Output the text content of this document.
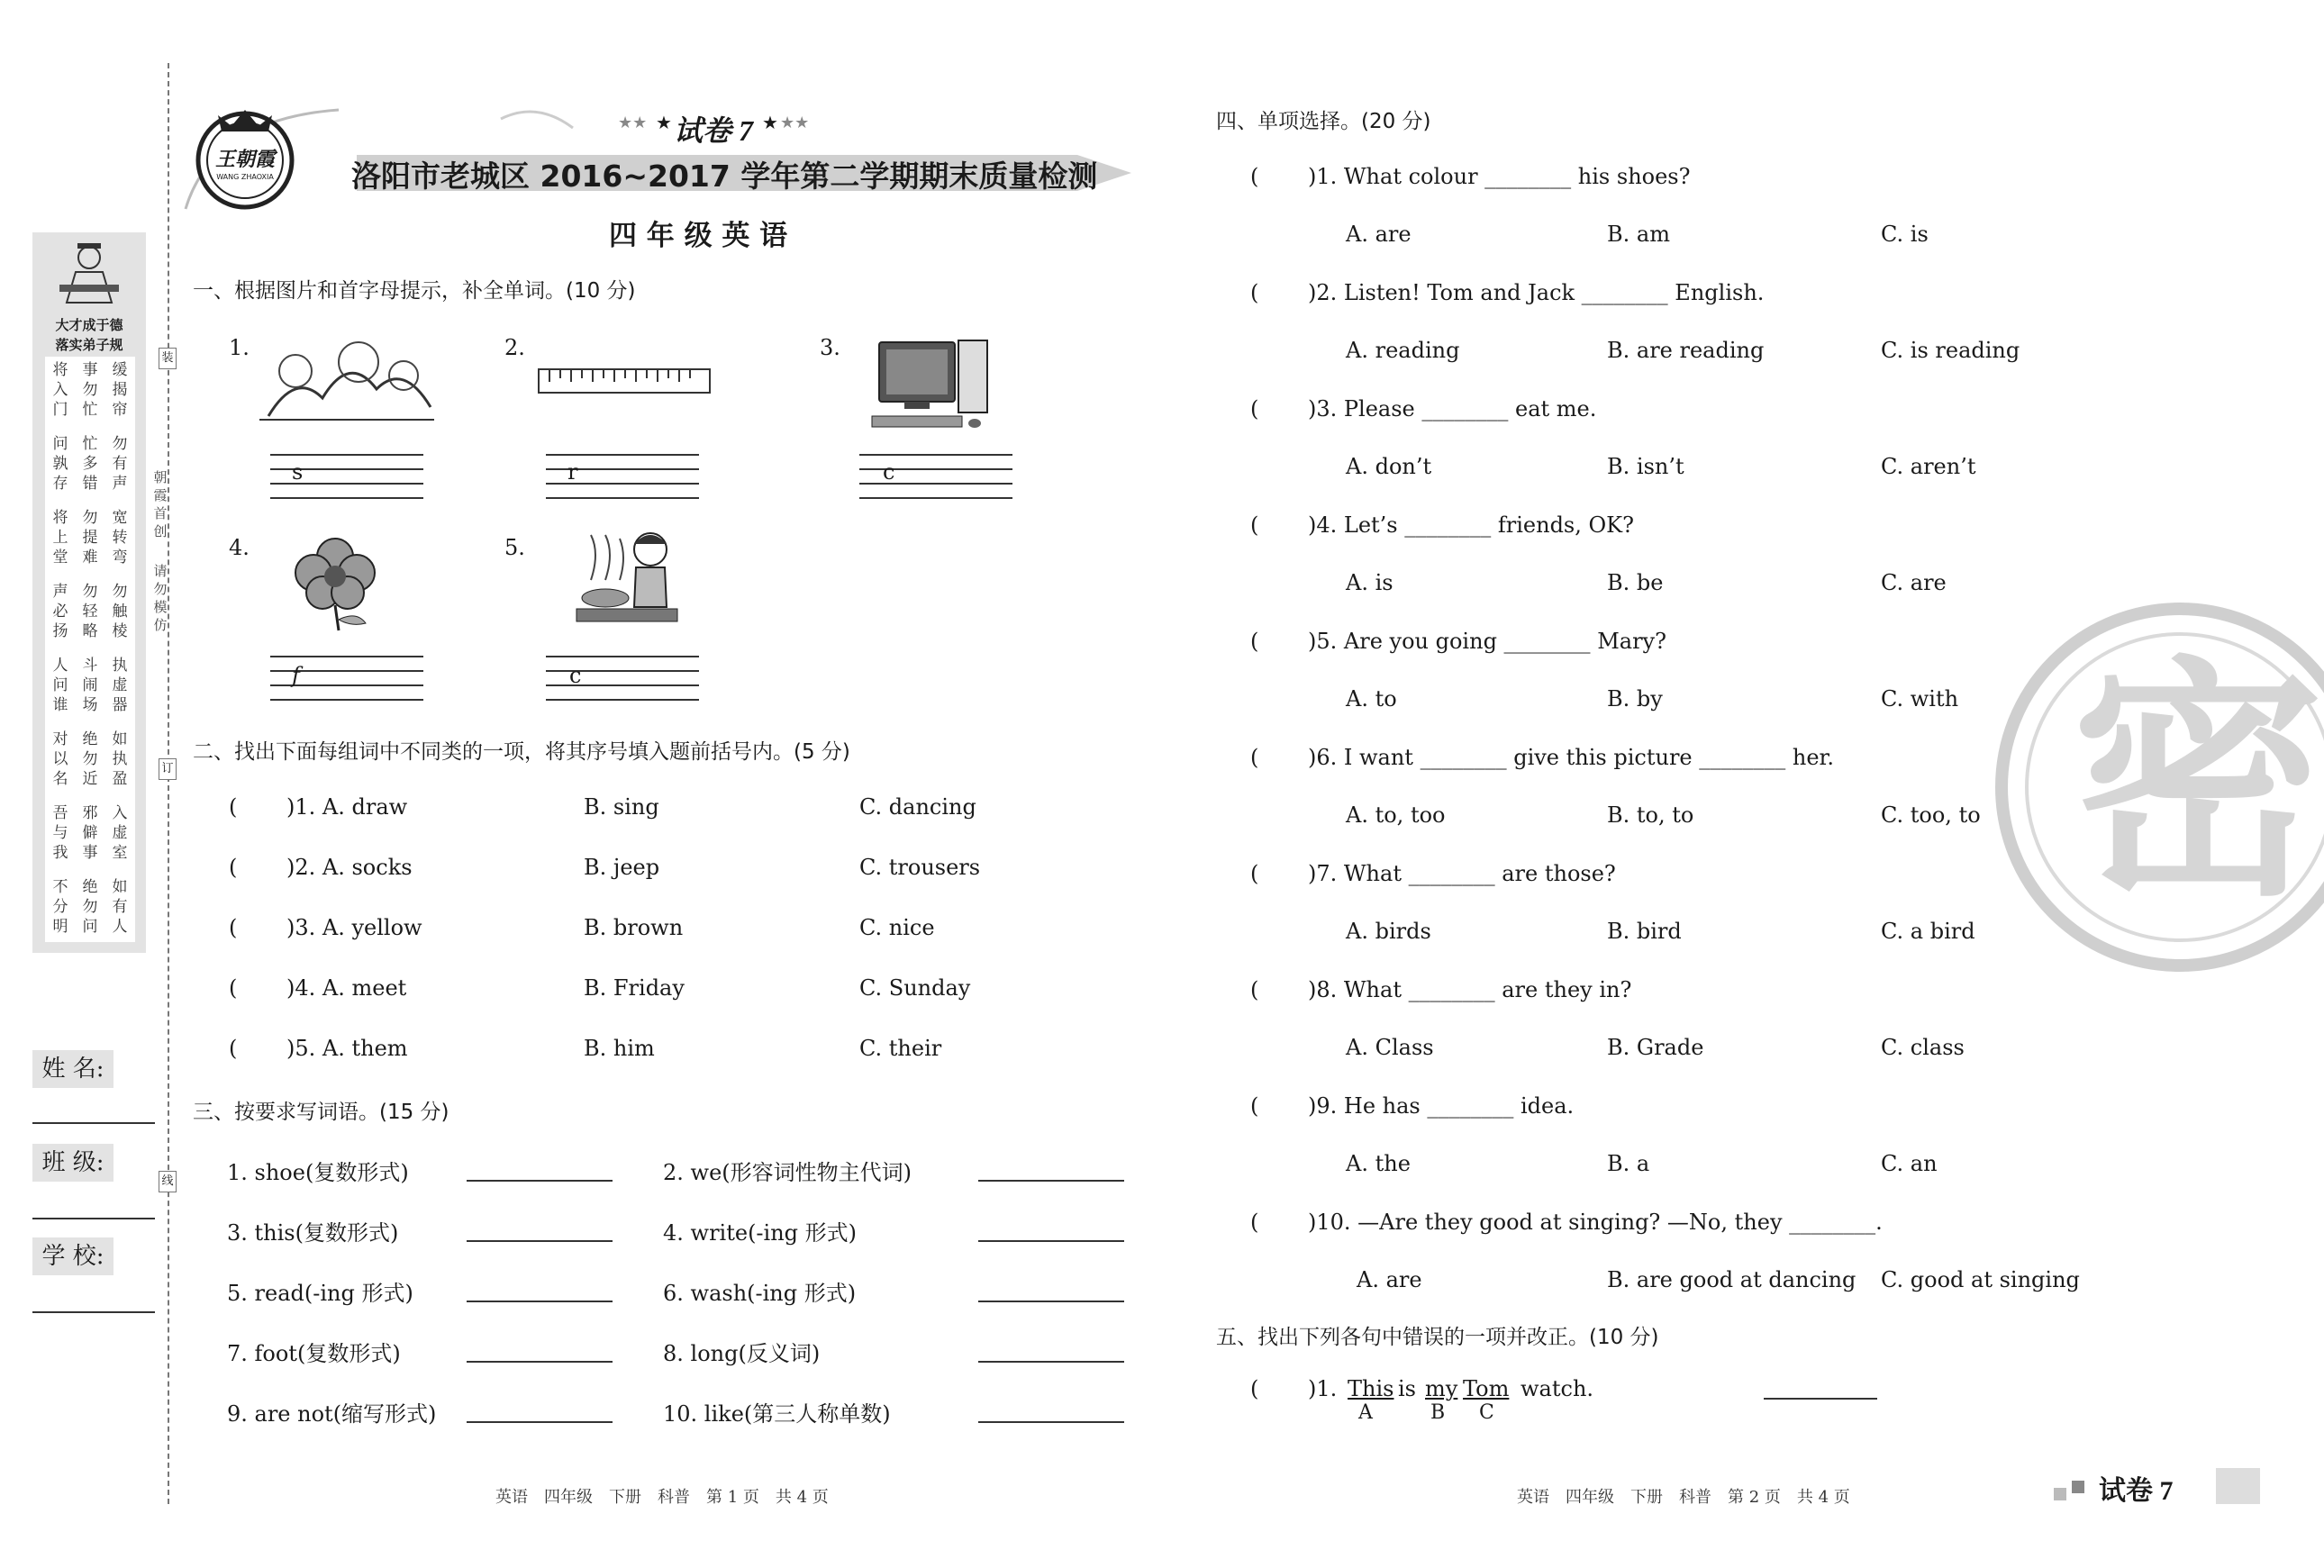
大才成于德
落实弟子规
将入门
事勿忙
缓揭帘
问孰存
忙多错
勿有声
将上堂
勿提难
宽转弯
声必扬
勿轻略
勿触棱
人问谁
斗闹场
执虚器
对以名
绝勿近
如执盈
吾与我
邪僻事
入虚室
不分明
绝勿问
如有人
装
订
线
朝霞首创
请勿模仿
姓 名:
班 级:
学 校:
王朝霞
WANG ZHAOXIA
★★ ★ 试卷 7 ★ ★★
洛阳市老城区 2016~2017 学年第二学期期末质量检测
四 年 级 英 语
一、根据图片和首字母提示，补全单词。(10 分)
1.
s
2.
r
3.
c
4.
f
5.
c
二、找出下面每组词中不同类的一项，将其序号填入题前括号内。(5 分)
( )1. A. draw	B. sing	C. dancing
( )2. A. socks	B. jeep	C. trousers
( )3. A. yellow	B. brown	C. nice
( )4. A. meet	B. Friday	C. Sunday
( )5. A. them	B. him	C. their
三、按要求写词语。(15 分)
1. shoe(复数形式)	2. we(形容词性物主代词)
3. this(复数形式)	4. write(-ing 形式)
5. read(-ing 形式)	6. wash(-ing 形式)
7. foot(复数形式)	8. long(反义词)
9. are not(缩写形式)	10. like(第三人称单数)
英语　四年级　下册　科普　第 1 页　共 4 页
四、单项选择。(20 分)
( )1. What colour ________ his shoes?
A. are	B. am	C. is
( )2. Listen! Tom and Jack ________ English.
A. reading	B. are reading	C. is reading
( )3. Please ________ eat me.
A. don’t	B. isn’t	C. aren’t
( )4. Let’s ________ friends, OK?
A. is	B. be	C. are
( )5. Are you going ________ Mary?
A. to	B. by	C. with
( )6. I want ________ give this picture ________ her.
A. to, too	B. to, to	C. too, to
( )7. What ________ are those?
A. birds	B. bird	C. a bird
( )8. What ________ are they in?
A. Class	B. Grade	C. class
( )9. He has ________ idea.
A. the	B. a	C. an
( )10. —Are they good at singing? —No, they ________.
A. are	B. are good at dancing C. good at singing
五、找出下列各句中错误的一项并改正。(10 分)
( )1. This is my Tom watch.
A	B C
英语　四年级　下册　科普　第 2 页　共 4 页
密
试卷 7
